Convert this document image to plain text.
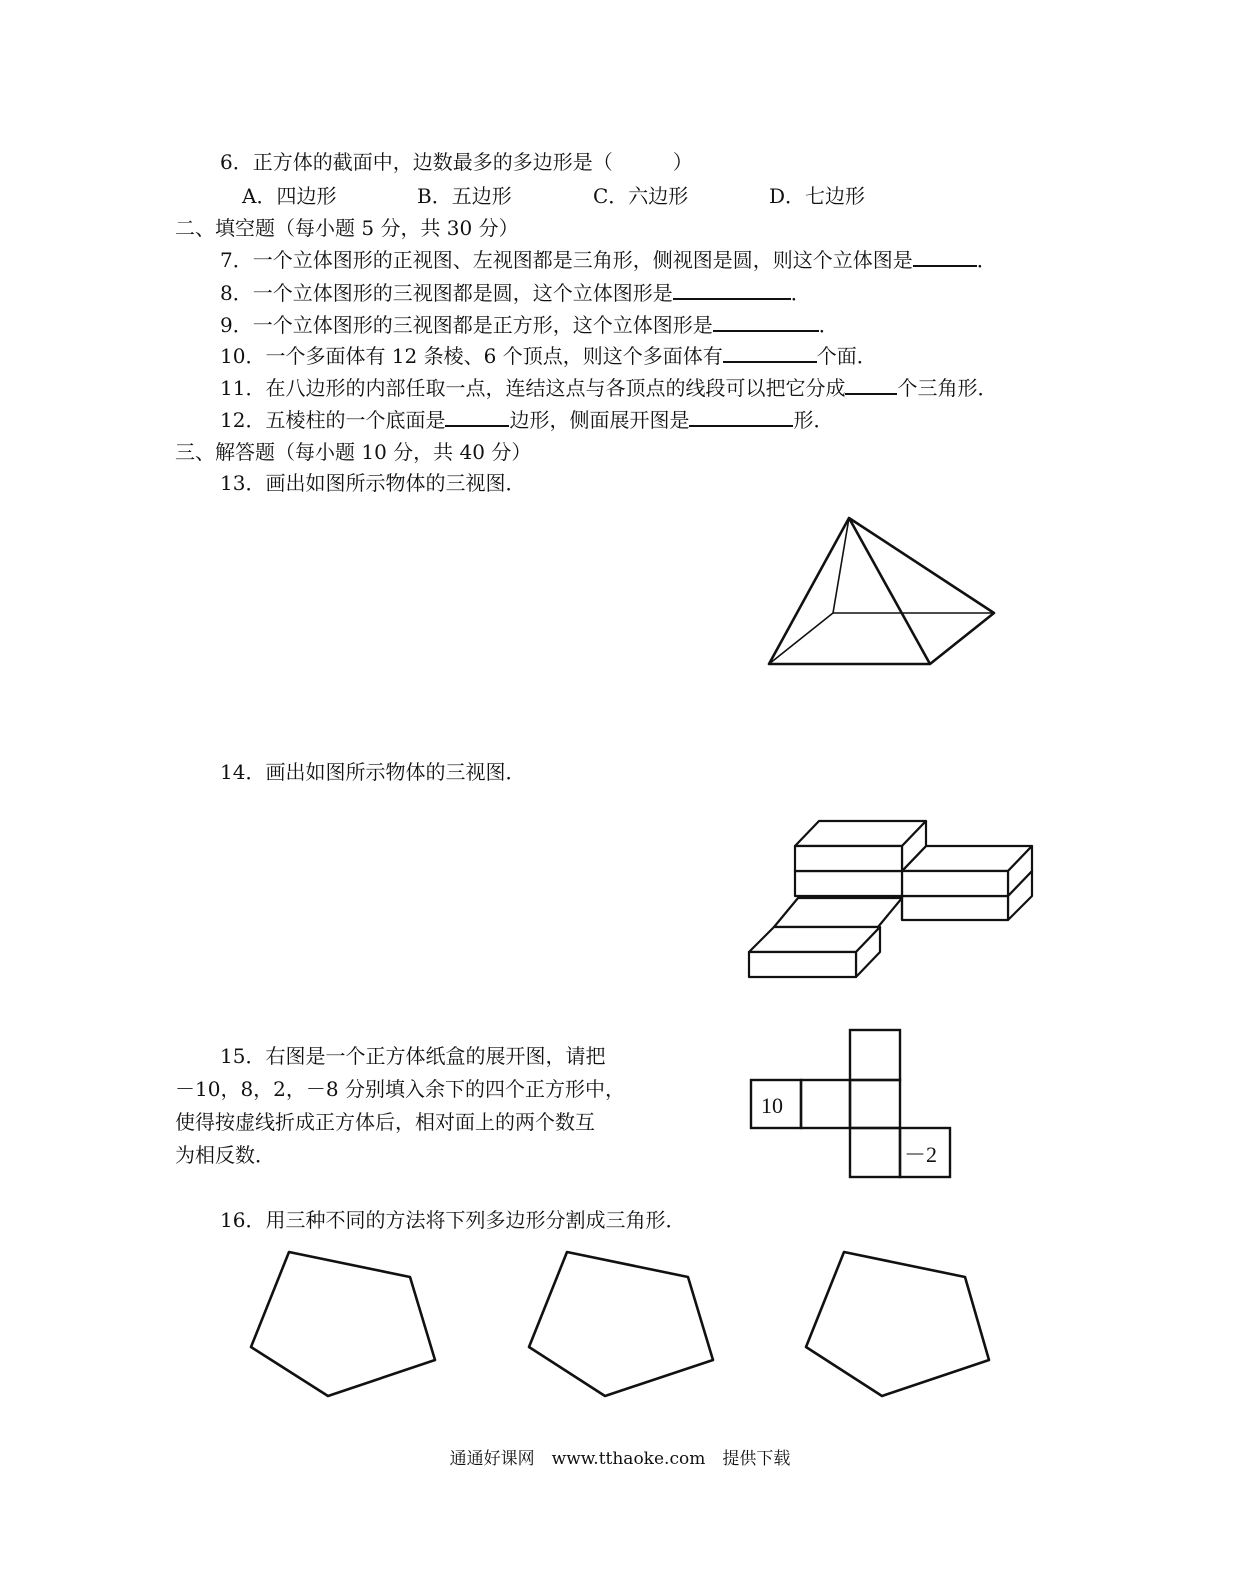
6．正方体的截面中，边数最多的多边形是（　　　）
A．四边形	B．五边形	C．六边形	D．七边形
二、填空题（每小题 5 分，共 30 分）
7．一个立体图形的正视图、左视图都是三角形，侧视图是圆，则这个立体图是	．
8．一个立体图形的三视图都是圆，这个立体图形是	．
9．一个立体图形的三视图都是正方形，这个立体图形是	．
10．一个多面体有 12 条棱、6 个顶点，则这个多面体有	个面．
11．在八边形的内部任取一点，连结这点与各顶点的线段可以把它分成	个三角形．
12．五棱柱的一个底面是	边形，侧面展开图是	形．
三、解答题（每小题 10 分，共 40 分）
13．画出如图所示物体的三视图．
14．画出如图所示物体的三视图．
15．右图是一个正方体纸盒的展开图，请把
－10，8，2，－8 分别填入余下的四个正方形中，
使得按虚线折成正方体后，相对面上的两个数互
为相反数．
16．用三种不同的方法将下列多边形分割成三角形．
10
－2
通通好课网　www.tthaoke.com　提供下载
